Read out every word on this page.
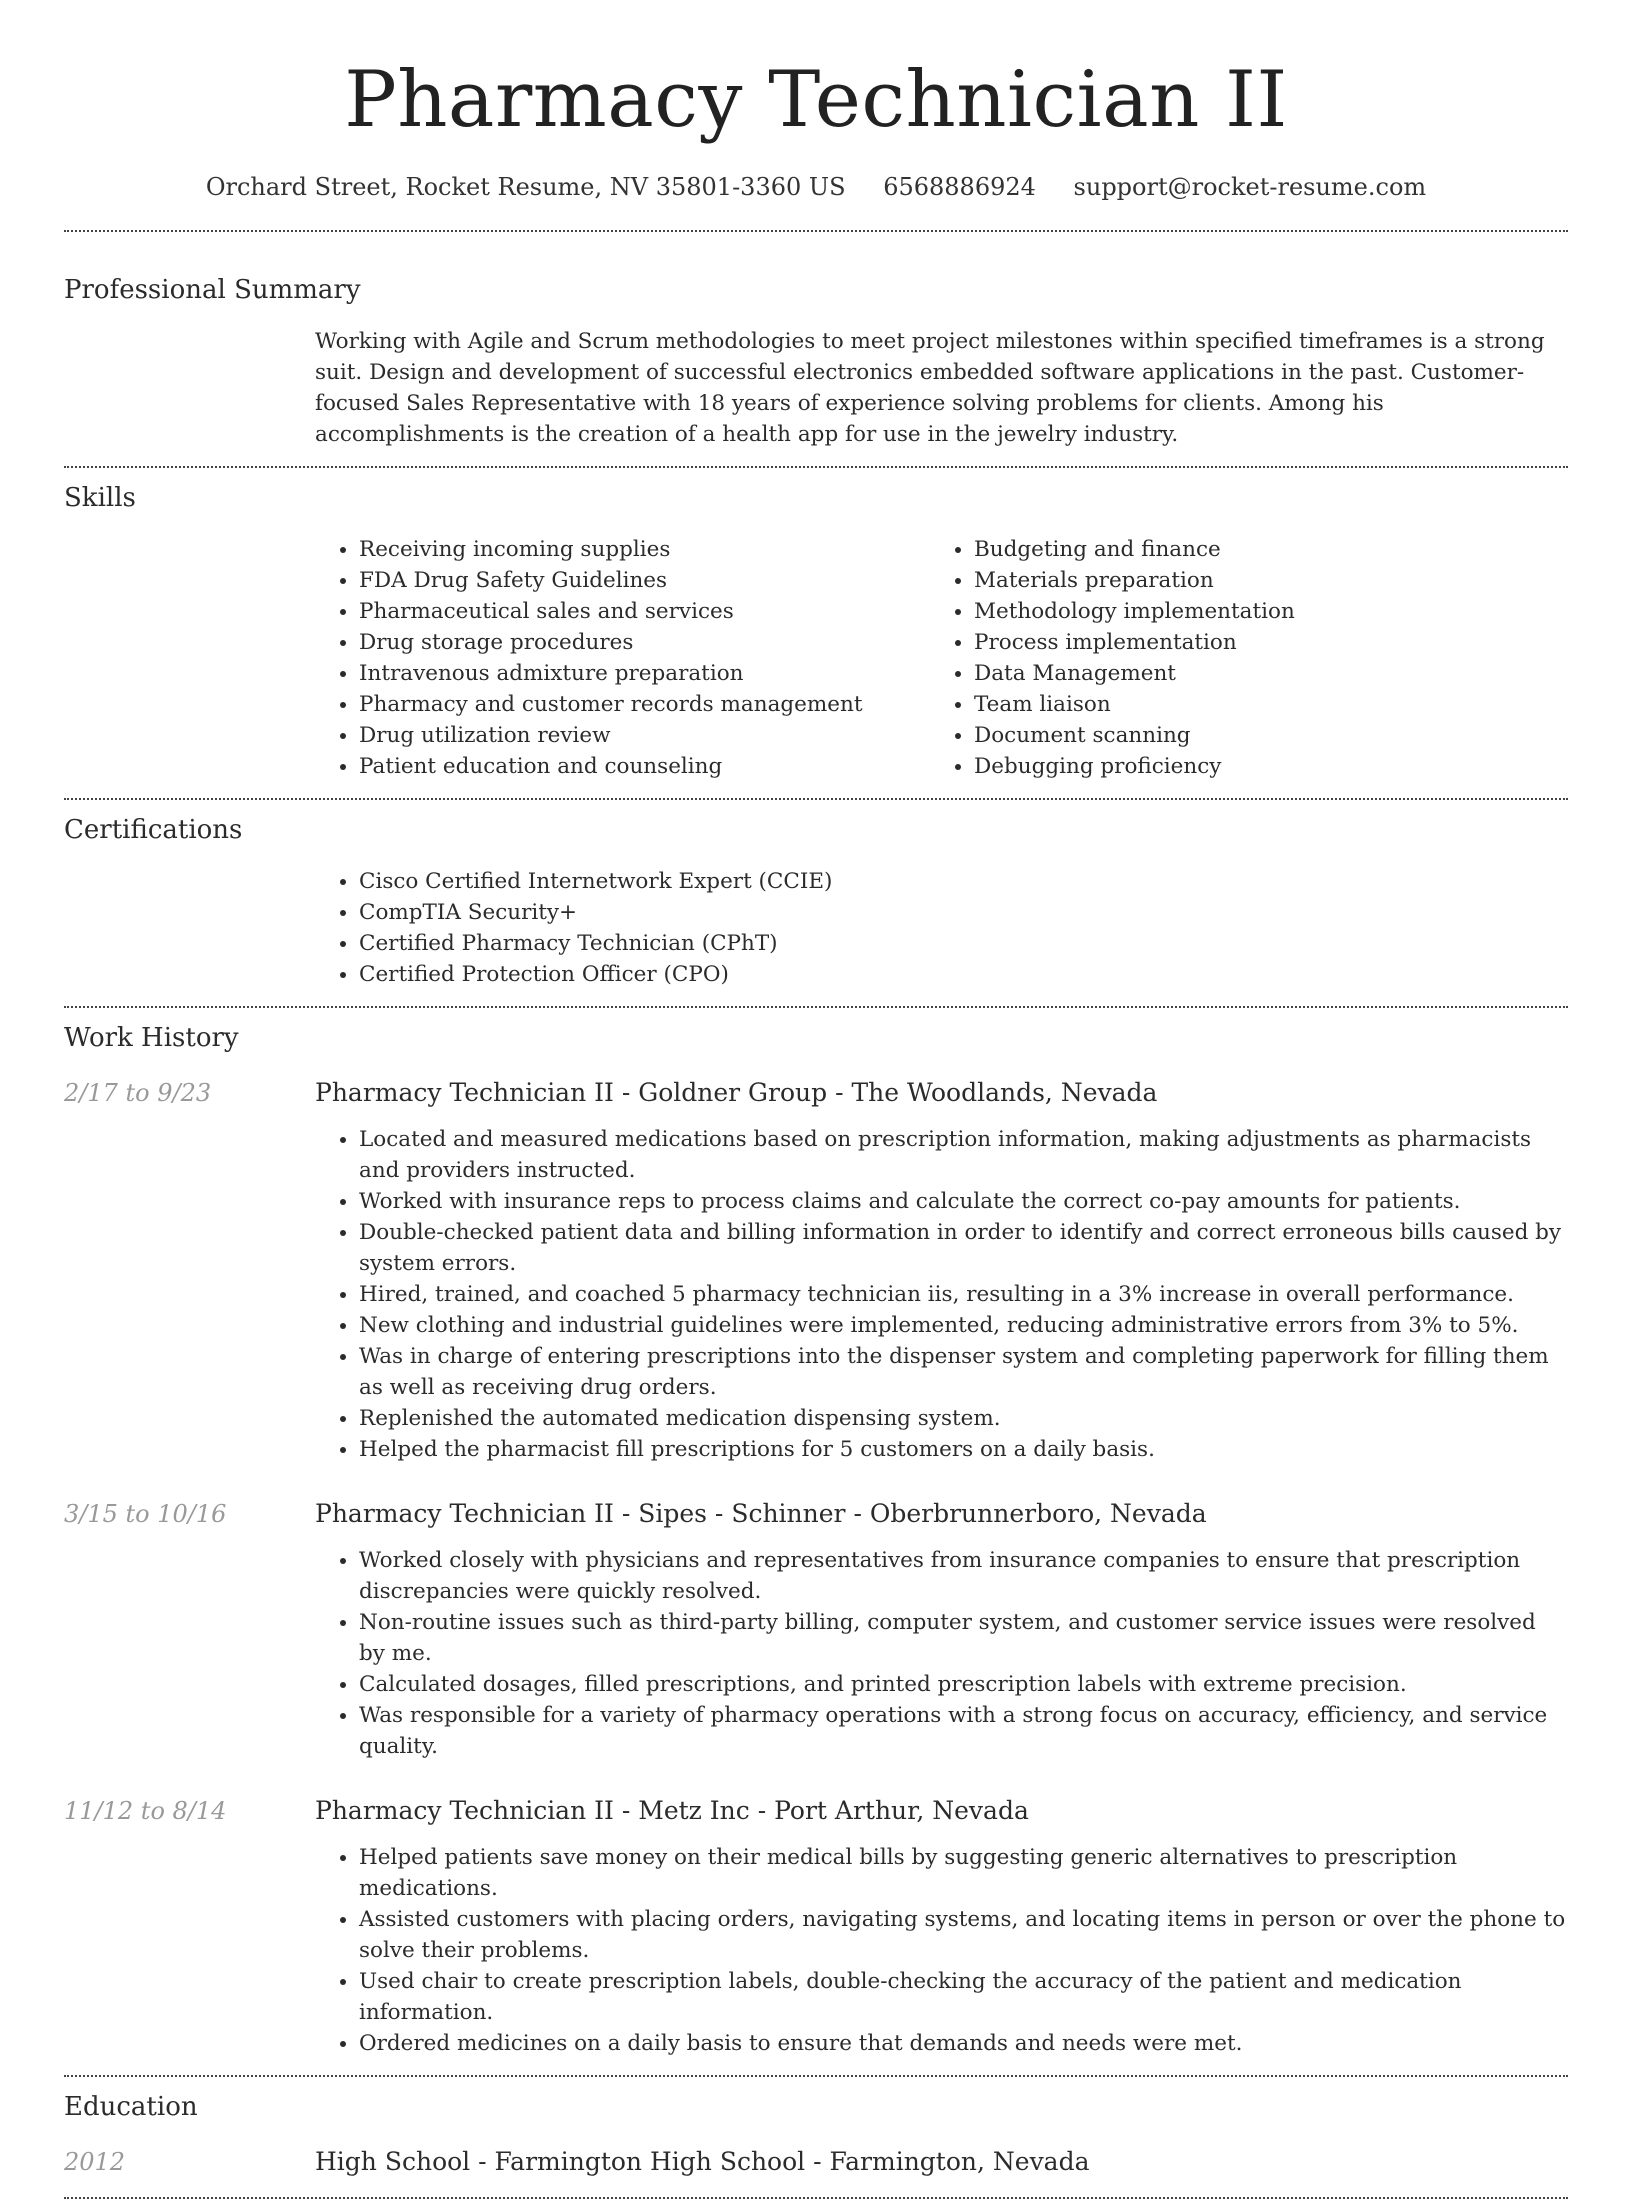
Pharmacy Technician II
Orchard Street, Rocket Resume, NV 35801-3360 US 6568886924 support@rocket-resume.com
Professional Summary
Working with Agile and Scrum methodologies to meet project milestones within specified timeframes is a strong suit. Design and development of successful electronics embedded software applications in the past. Customer-focused Sales Representative with 18 years of experience solving problems for clients. Among his accomplishments is the creation of a health app for use in the jewelry industry.
Skills
• Receiving incoming supplies
• FDA Drug Safety Guidelines
• Pharmaceutical sales and services
• Drug storage procedures
• Intravenous admixture preparation
• Pharmacy and customer records management
• Drug utilization review
• Patient education and counseling
• Budgeting and finance
• Materials preparation
• Methodology implementation
• Process implementation
• Data Management
• Team liaison
• Document scanning
• Debugging proficiency
Certifications
• Cisco Certified Internetwork Expert (CCIE)
• CompTIA Security+
• Certified Pharmacy Technician (CPhT)
• Certified Protection Officer (CPO)
Work History
2/17 to 9/23	Pharmacy Technician II - Goldner Group - The Woodlands, Nevada
• Located and measured medications based on prescription information, making adjustments as pharmacists and providers instructed.
• Worked with insurance reps to process claims and calculate the correct co-pay amounts for patients.
• Double-checked patient data and billing information in order to identify and correct erroneous bills caused by system errors.
• Hired, trained, and coached 5 pharmacy technician iis, resulting in a 3% increase in overall performance.
• New clothing and industrial guidelines were implemented, reducing administrative errors from 3% to 5%.
• Was in charge of entering prescriptions into the dispenser system and completing paperwork for filling them as well as receiving drug orders.
• Replenished the automated medication dispensing system.
• Helped the pharmacist fill prescriptions for 5 customers on a daily basis.
3/15 to 10/16	Pharmacy Technician II - Sipes - Schinner - Oberbrunnerboro, Nevada
• Worked closely with physicians and representatives from insurance companies to ensure that prescription discrepancies were quickly resolved.
• Non-routine issues such as third-party billing, computer system, and customer service issues were resolved by me.
• Calculated dosages, filled prescriptions, and printed prescription labels with extreme precision.
• Was responsible for a variety of pharmacy operations with a strong focus on accuracy, efficiency, and service quality.
11/12 to 8/14	Pharmacy Technician II - Metz Inc - Port Arthur, Nevada
• Helped patients save money on their medical bills by suggesting generic alternatives to prescription medications.
• Assisted customers with placing orders, navigating systems, and locating items in person or over the phone to solve their problems.
• Used chair to create prescription labels, double-checking the accuracy of the patient and medication information.
• Ordered medicines on a daily basis to ensure that demands and needs were met.
Education
2012	High School - Farmington High School - Farmington, Nevada
